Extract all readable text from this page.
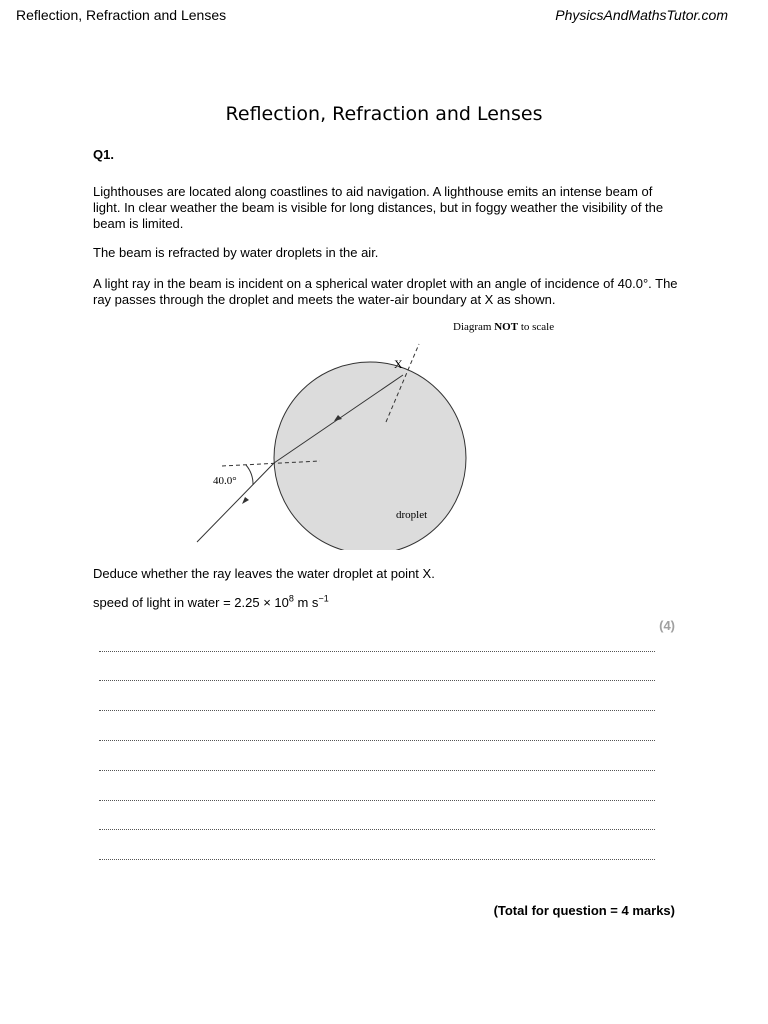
Reflection, Refraction and Lenses	PhysicsAndMathsTutor.com
Reflection, Refraction and Lenses
Q1.

Lighthouses are located along coastlines to aid navigation. A lighthouse emits an intense beam of light. In clear weather the beam is visible for long distances, but in foggy weather the visibility of the beam is limited.

The beam is refracted by water droplets in the air.

A light ray in the beam is incident on a spherical water droplet with an angle of incidence of 40.0°. The ray passes through the droplet and meets the water-air boundary at X as shown.

Diagram NOT to scale
40.0°
X
droplet

Deduce whether the ray leaves the water droplet at point X.

speed of light in water = $2.25 \times 10^8$ m $s^{-1}$

(4)
(Total for question = 4 marks)
